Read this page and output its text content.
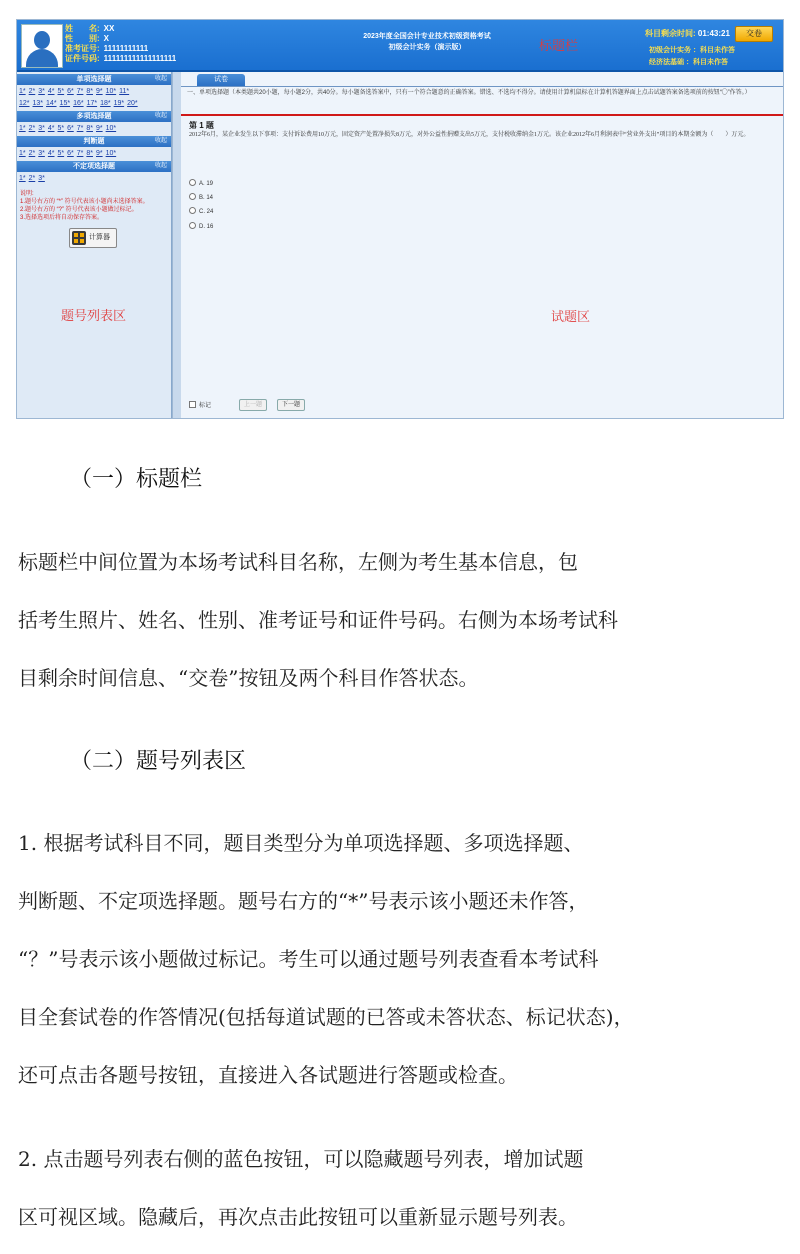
姓　　名: XX
性　　别: X
准考证号: 11111111111
证件号码: 111111111111111111
2023年度全国会计专业技术初级资格考试
初级会计实务（演示版）	标题栏
科目剩余时间: 01:43:21	交卷
初级会计实务 ：科目未作答
经济法基础 ：科目未作答
单项选择题	收起
1* 2* 3* 4* 5* 6* 7* 8* 9* 10* 11*
12* 13* 14* 15* 16* 17* 18* 19* 20*
多项选择题	收起
1* 2* 3* 4* 5* 6* 7* 8* 9* 10*
判断题	收起
1* 2* 3* 4* 5* 6* 7* 8* 9* 10*
不定项选择题	收起
1* 2* 3*
说明:
1.题号右方的 “*” 符号代表该小题尚未选择答案。
2.题号右方的 “?” 符号代表该小题做过标记。
3.选择选项后将自动保存答案。
计算器
题号列表区
试卷
一、单项选择题（本类题共20小题，每小题2分，共40分。每小题备选答案中，只有一个符合题意的正确答案。错选、不选均不得分。请使用计算机鼠标在计算机答题界面上点击试题答案备选项前的按钮“〇”作答。）
第 1 题
2012年6月，某企业发生以下事项：支付诉讼费用10万元，固定资产处置净损失8万元，对外公益性捐赠支出5万元，支付税收滞纳金1万元。该企业2012年6月利润表中“营业外支出”项目的本期金额为（　　）万元。
A. 19
B. 14
C. 24
D. 16
试题区
标记	上一题	下一题
（一）标题栏
标题栏中间位置为本场考试科目名称，左侧为考生基本信息，包
括考生照片、姓名、性别、准考证号和证件号码。右侧为本场考试科
目剩余时间信息、“交卷”按钮及两个科目作答状态。
（二）题号列表区
1. 根据考试科目不同，题目类型分为单项选择题、多项选择题、
判断题、不定项选择题。题号右方的“*”号表示该小题还未作答，
“？”号表示该小题做过标记。考生可以通过题号列表查看本考试科
目全套试卷的作答情况(包括每道试题的已答或未答状态、标记状态)，
还可点击各题号按钮，直接进入各试题进行答题或检查。
2. 点击题号列表右侧的蓝色按钮，可以隐藏题号列表，增加试题
区可视区域。隐藏后，再次点击此按钮可以重新显示题号列表。
